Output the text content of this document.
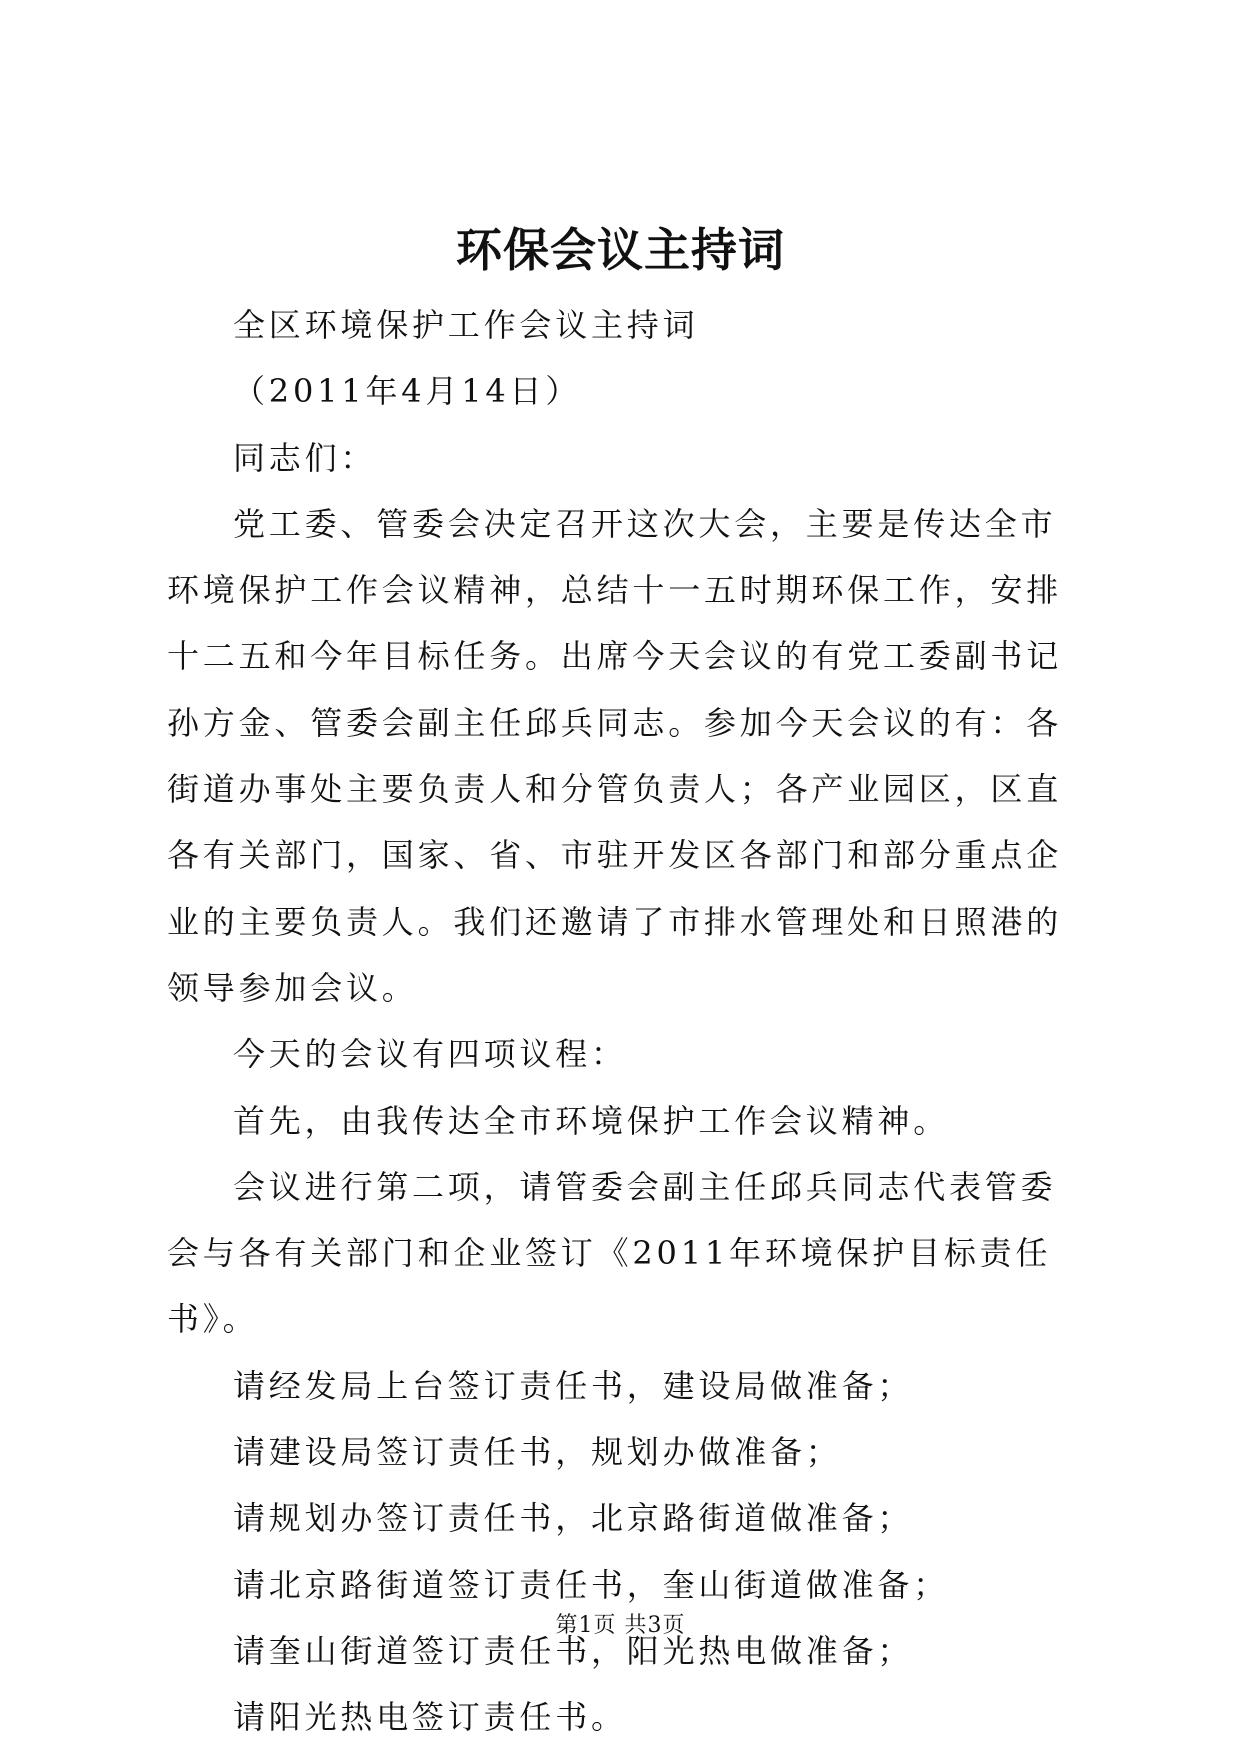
环保会议主持词

全区环境保护工作会议主持词

（2011年4月14日）

同志们：

党工委、管委会决定召开这次大会，主要是传达全市环境保护工作会议精神，总结十一五时期环保工作，安排十二五和今年目标任务。出席今天会议的有党工委副书记孙方金、管委会副主任邱兵同志。参加今天会议的有：各街道办事处主要负责人和分管负责人；各产业园区，区直各有关部门，国家、省、市驻开发区各部门和部分重点企业的主要负责人。我们还邀请了市排水管理处和日照港的领导参加会议。

今天的会议有四项议程：

首先，由我传达全市环境保护工作会议精神。

会议进行第二项，请管委会副主任邱兵同志代表管委会与各有关部门和企业签订《2011年环境保护目标责任书》。

请经发局上台签订责任书，建设局做准备；

请建设局签订责任书，规划办做准备；

请规划办签订责任书，北京路街道做准备；

请北京路街道签订责任书，奎山街道做准备；

请奎山街道签订责任书，阳光热电做准备；

请阳光热电签订责任书。

第1页 共3页
